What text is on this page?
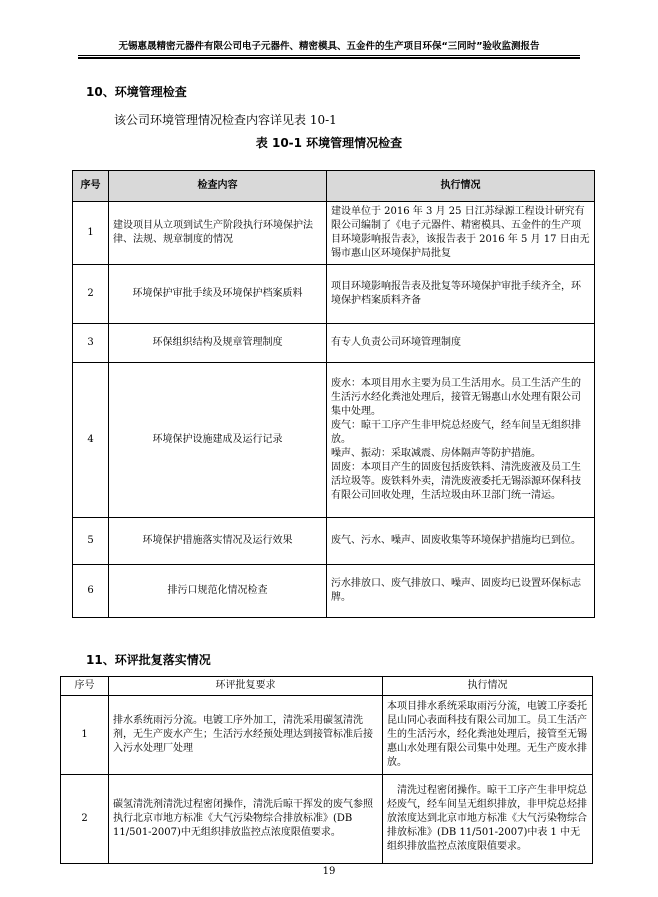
无锡惠晟精密元器件有限公司电子元器件、精密模具、五金件的生产项目环保“三同时”验收监测报告
10、环境管理检查
该公司环境管理情况检查内容详见表 10-1
表 10-1 环境管理情况检查
序号	检查内容	执行情况
1	建设项目从立项到试生产阶段执行环境保护法律、法规、规章制度的情况	建设单位于 2016 年 3 月 25 日江苏绿源工程设计研究有限公司编制了《电子元器件、精密模具、五金件的生产项目环境影响报告表》，该报告表于 2016 年 5 月 17 日由无锡市惠山区环境保护局批复
2	环境保护审批手续及环境保护档案质料	项目环境影响报告表及批复等环境保护审批手续齐全，环境保护档案质料齐备
3	环保组织结构及规章管理制度	有专人负责公司环境管理制度
4	环境保护设施建成及运行记录	废水：本项目用水主要为员工生活用水。员工生活产生的生活污水经化粪池处理后，接管无锡惠山水处理有限公司集中处理。
废气：晾干工序产生非甲烷总烃废气，经车间呈无组织排放。
噪声、振动：采取减震、房体隔声等防护措施。
固废：本项目产生的固废包括废铁料、清洗废液及员工生活垃圾等。废铁料外卖，清洗废液委托无锡添源环保科技有限公司回收处理，生活垃圾由环卫部门统一清运。

5	环境保护措施落实情况及运行效果	废气、污水、噪声、固废收集等环境保护措施均已到位。
6	排污口规范化情况检查	污水排放口、废气排放口、噪声、固废均已设置环保标志牌。
11、环评批复落实情况
序号	环评批复要求	执行情况
1	排水系统雨污分流。电镀工序外加工，清洗采用碳氢清洗剂，无生产废水产生；生活污水经预处理达到接管标准后接入污水处理厂处理	本项目排水系统采取雨污分流，电镀工序委托昆山同心表面科技有限公司加工。员工生活产生的生活污水，经化粪池处理后，接管至无锡惠山水处理有限公司集中处理。无生产废水排放。
2	碳氢清洗剂清洗过程密闭操作，清洗后晾干挥发的废气参照执行北京市地方标准《大气污染物综合排放标准》(DB 11/501-2007)中无组织排放监控点浓度限值要求。	清洗过程密闭操作。晾干工序产生非甲烷总烃废气，经车间呈无组织排放，非甲烷总烃排放浓度达到北京市地方标准《大气污染物综合排放标准》(DB 11/501-2007)中表 1 中无组织排放监控点浓度限值要求。
19
